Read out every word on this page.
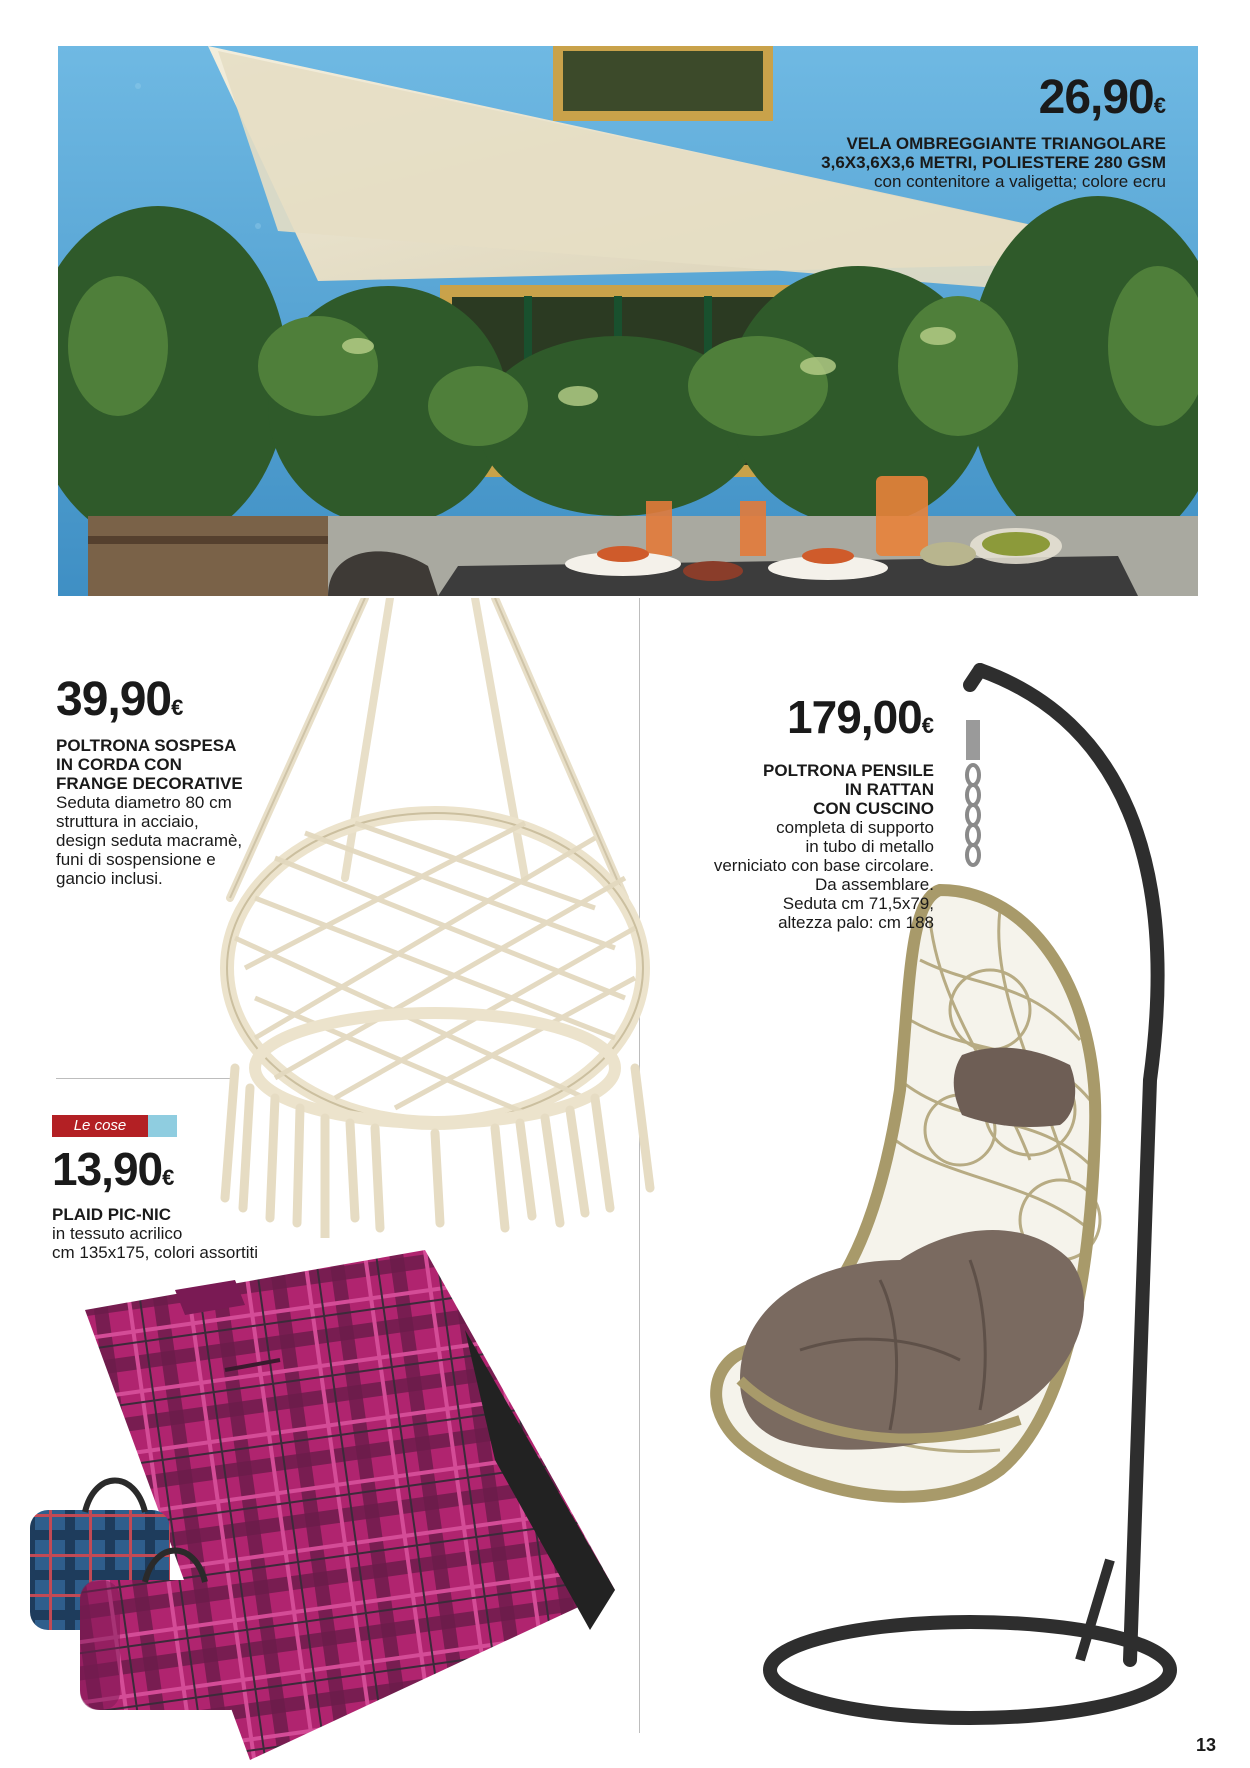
26,90€
VELA OMBREGGIANTE TRIANGOLARE
3,6X3,6X3,6 METRI, POLIESTERE 280 GSM
con contenitore a valigetta; colore ecru
39,90€
POLTRONA SOSPESA
IN CORDA CON
FRANGE DECORATIVE
Seduta diametro 80 cm
struttura in acciaio,
design seduta macramè,
funi di sospensione e
gancio inclusi.
179,00€
POLTRONA PENSILE
IN RATTAN
CON CUSCINO
completa di supporto
in tubo di metallo
verniciato con base circolare.
Da assemblare.
Seduta cm 71,5x79,
altezza palo: cm 188
Le cose
13,90€
PLAID PIC-NIC
in tessuto acrilico
cm 135x175, colori assortiti
13
